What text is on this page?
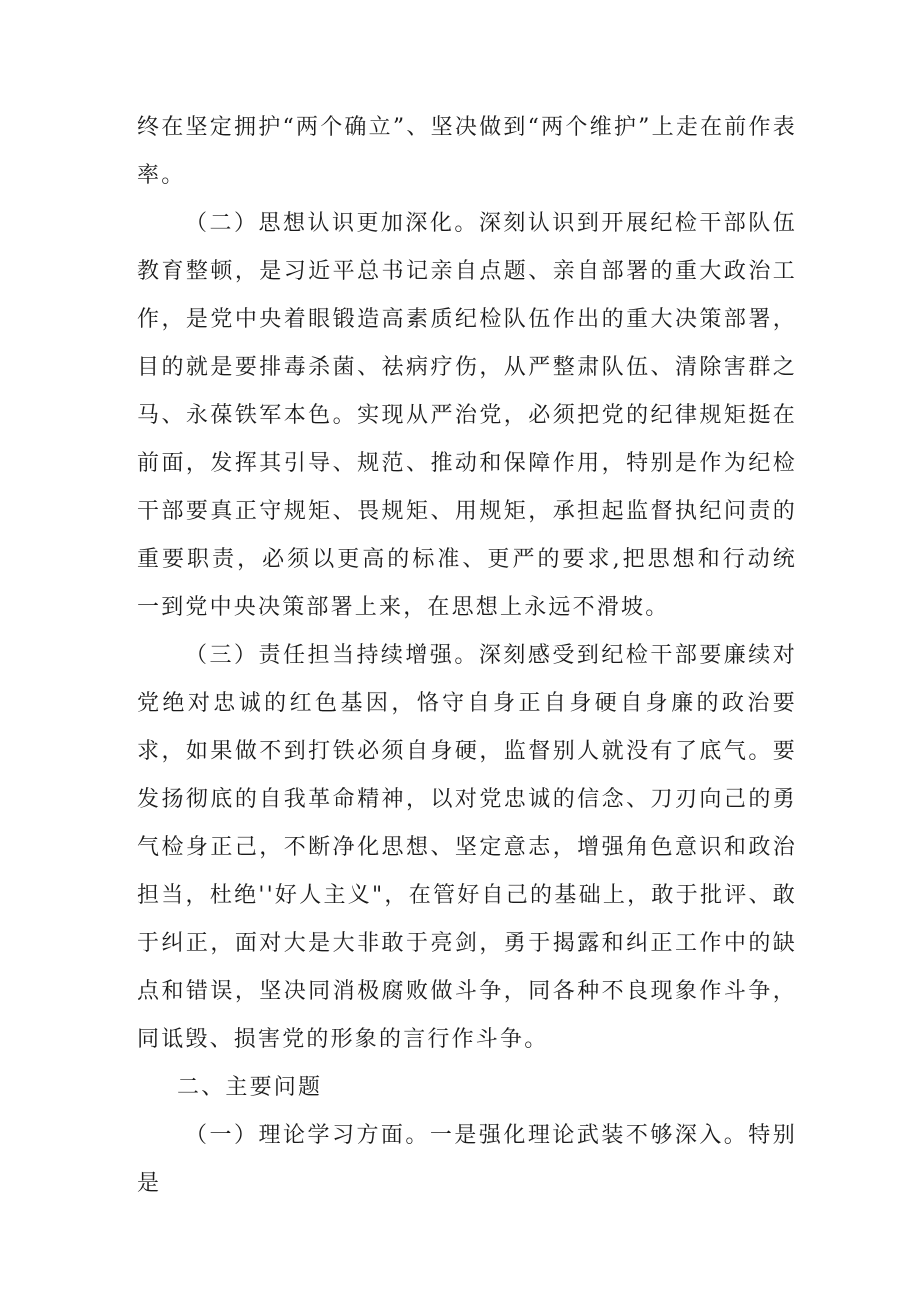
终在坚定拥护“两个确立”、坚决做到“两个维护”上走在前作表率。

（二）思想认识更加深化。深刻认识到开展纪检干部队伍教育整顿，是习近平总书记亲自点题、亲自部署的重大政治工作，是党中央着眼锻造高素质纪检队伍作出的重大决策部署，目的就是要排毒杀菌、祛病疗伤，从严整肃队伍、清除害群之马、永葆铁军本色。实现从严治党，必须把党的纪律规矩挺在前面，发挥其引导、规范、推动和保障作用，特别是作为纪检干部要真正守规矩、畏规矩、用规矩，承担起监督执纪问责的重要职责，必须以更高的标准、更严的要求,把思想和行动统一到党中央决策部署上来，在思想上永远不滑坡。

（三）责任担当持续增强。深刻感受到纪检干部要廉续对党绝对忠诚的红色基因，恪守自身正自身硬自身廉的政治要求，如果做不到打铁必须自身硬，监督别人就没有了底气。要发扬彻底的自我革命精神，以对党忠诚的信念、刀刃向己的勇气检身正己，不断净化思想、坚定意志，增强角色意识和政治担当，杜绝''好人主义"，在管好自己的基础上，敢于批评、敢于纠正，面对大是大非敢于亮剑，勇于揭露和纠正工作中的缺点和错误，坚决同消极腐败做斗争，同各种不良现象作斗争，同诋毁、损害党的形象的言行作斗争。

二、主要问题

（一）理论学习方面。一是强化理论武装不够深入。特别是
